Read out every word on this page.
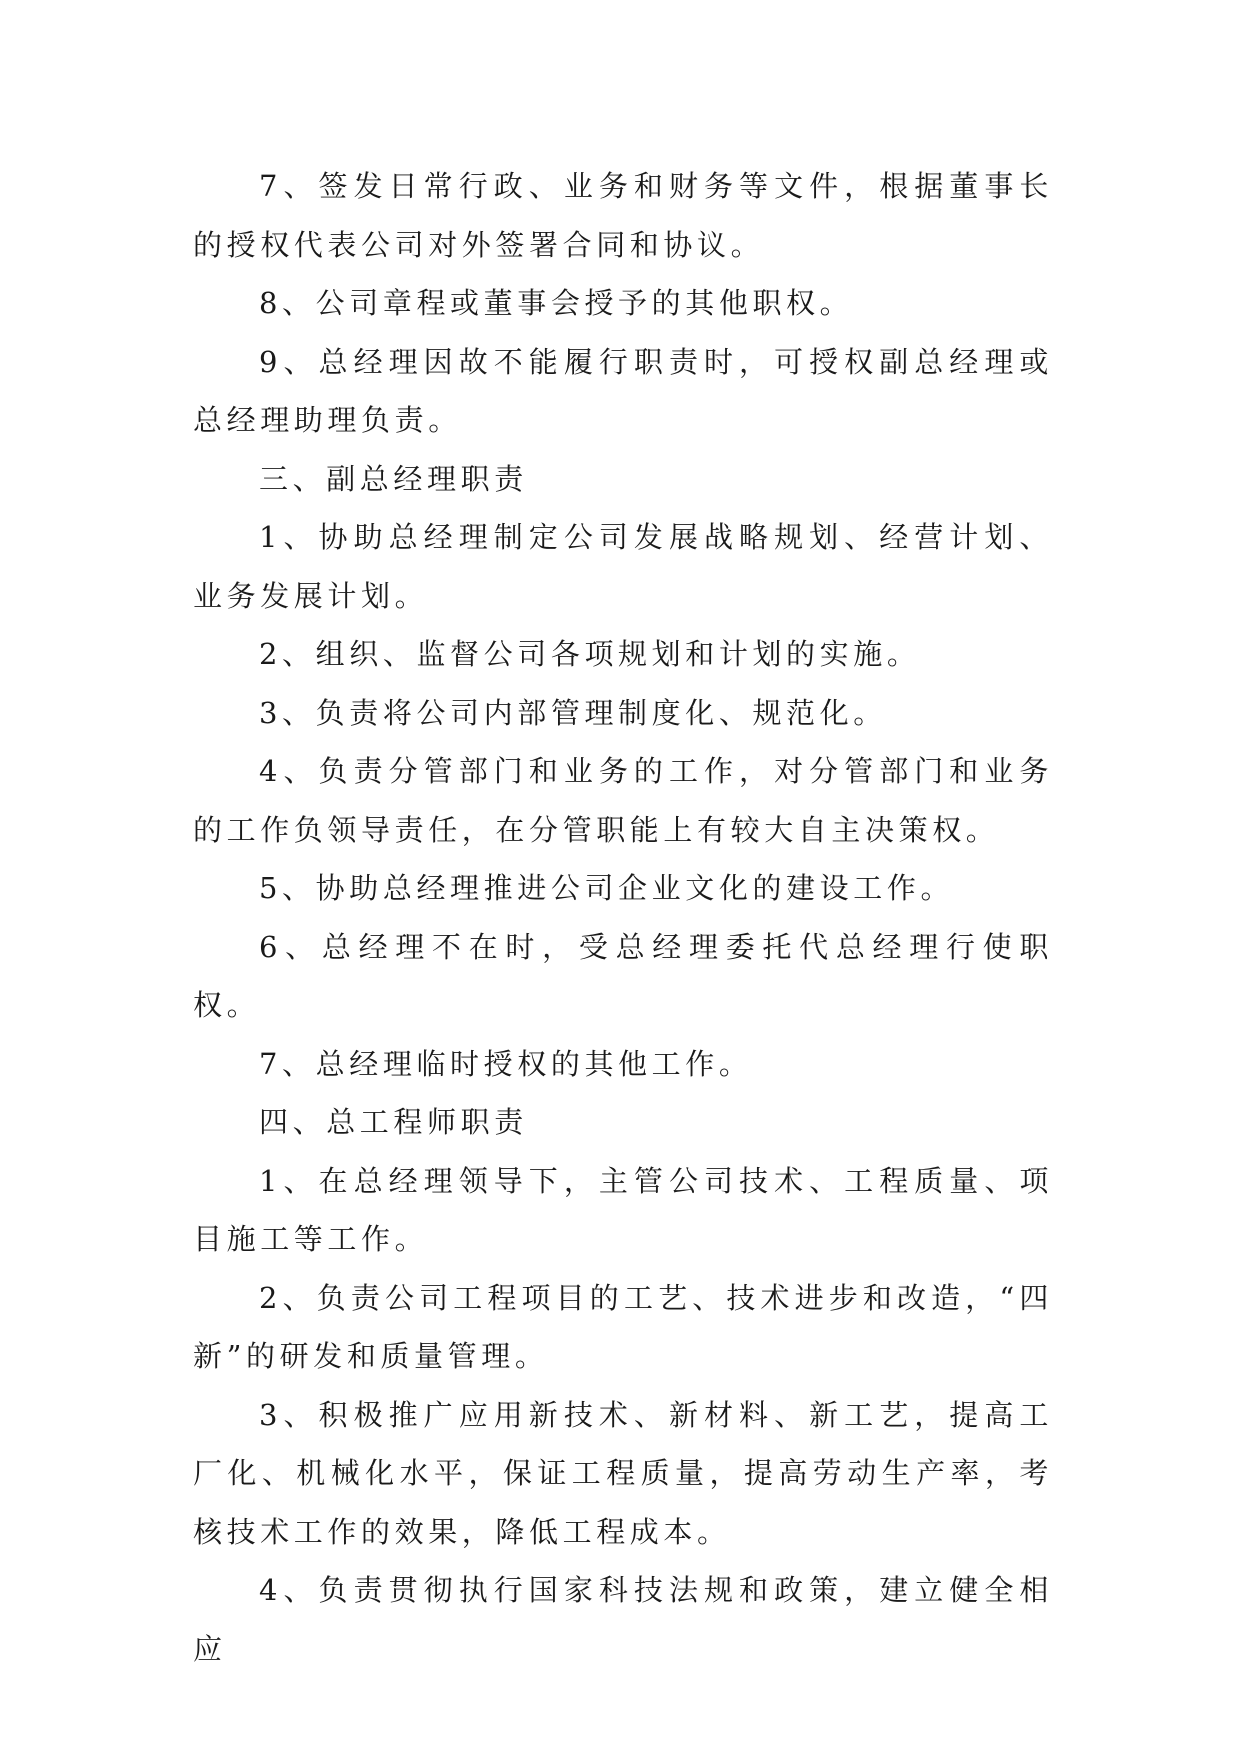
7、签发日常行政、业务和财务等文件，根据董事长的授权代表公司对外签署合同和协议。

8、公司章程或董事会授予的其他职权。

9、总经理因故不能履行职责时，可授权副总经理或总经理助理负责。

三、副总经理职责

1、协助总经理制定公司发展战略规划、经营计划、业务发展计划。

2、组织、监督公司各项规划和计划的实施。

3、负责将公司内部管理制度化、规范化。

4、负责分管部门和业务的工作，对分管部门和业务的工作负领导责任，在分管职能上有较大自主决策权。

5、协助总经理推进公司企业文化的建设工作。

6、总经理不在时，受总经理委托代总经理行使职权。

7、总经理临时授权的其他工作。

四、总工程师职责

1、在总经理领导下，主管公司技术、工程质量、项目施工等工作。

2、负责公司工程项目的工艺、技术进步和改造，“四新”的研发和质量管理。

3、积极推广应用新技术、新材料、新工艺，提高工厂化、机械化水平，保证工程质量，提高劳动生产率，考核技术工作的效果，降低工程成本。

4、负责贯彻执行国家科技法规和政策，建立健全相应
